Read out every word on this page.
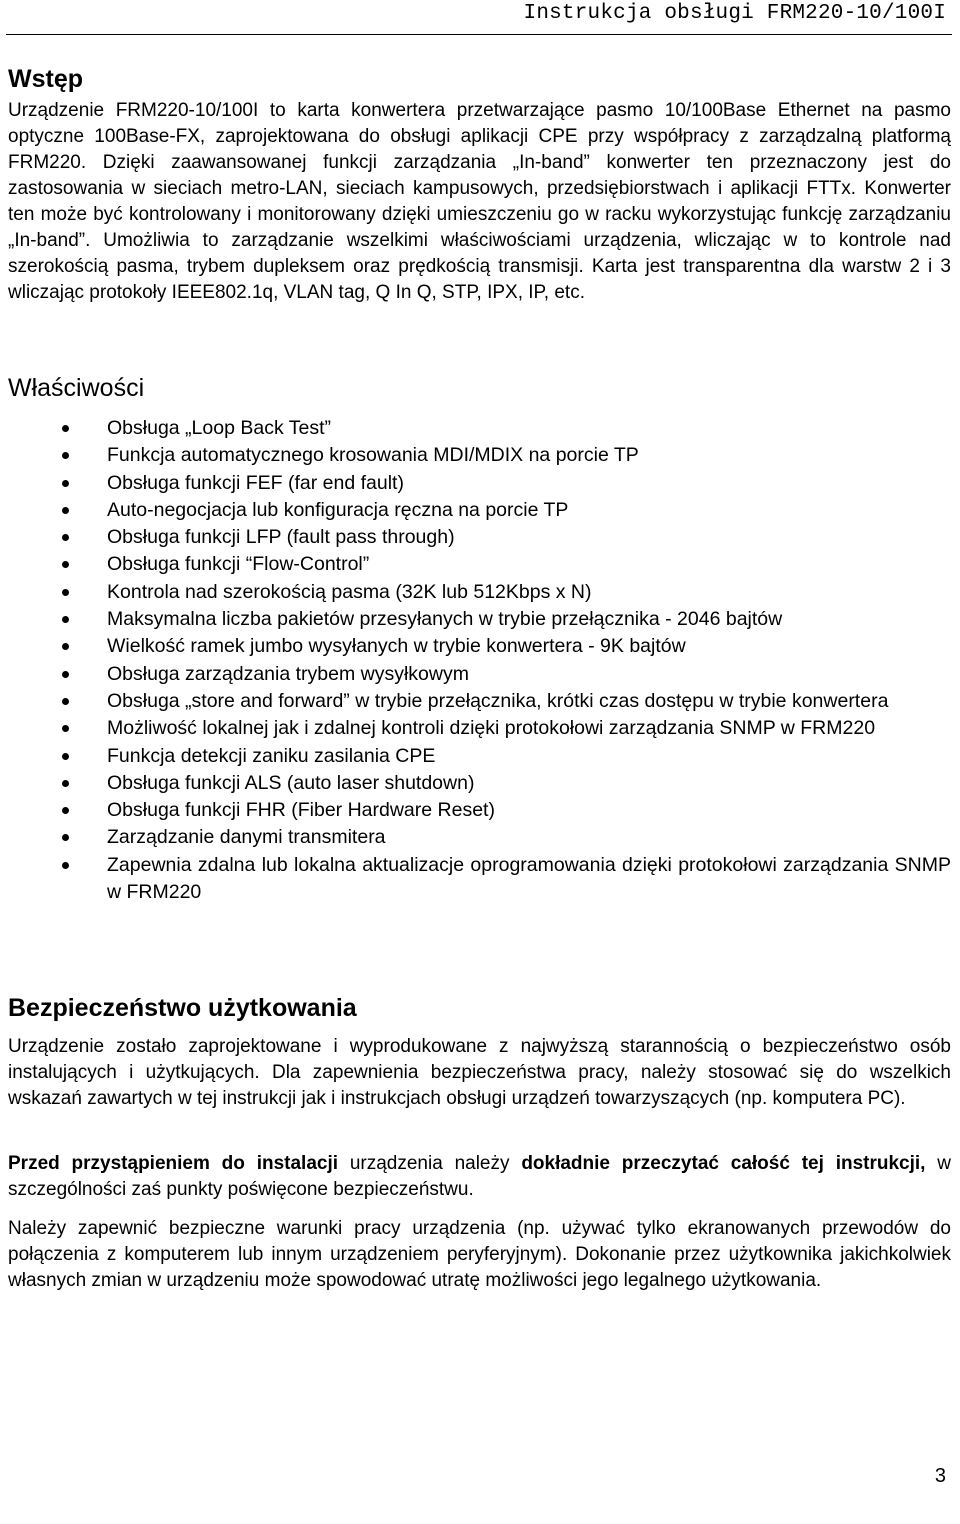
Instrukcja obsługi FRM220-10/100I
Wstęp

Urządzenie FRM220-10/100I to karta konwertera przetwarzające pasmo 10/100Base Ethernet na pasmo optyczne 100Base-FX, zaprojektowana do obsługi aplikacji CPE przy współpracy z zarządzalną platformą FRM220. Dzięki zaawansowanej funkcji zarządzania „In-band” konwerter ten przeznaczony jest do zastosowania w sieciach metro-LAN, sieciach kampusowych, przedsiębiorstwach i aplikacji FTTx. Konwerter ten może być kontrolowany i monitorowany dzięki umieszczeniu go w racku wykorzystując funkcję zarządzaniu „In-band”. Umożliwia to zarządzanie wszelkimi właściwościami urządzenia, wliczając w to kontrole nad szerokością pasma, trybem dupleksem oraz prędkością transmisji. Karta jest transparentna dla warstw 2 i 3 wliczając protokoły IEEE802.1q, VLAN tag, Q In Q, STP, IPX, IP, etc.

Właściwości
Obsługa „Loop Back Test”
Funkcja automatycznego krosowania MDI/MDIX na porcie TP
Obsługa funkcji FEF (far end fault)
Auto-negocjacja lub konfiguracja ręczna na porcie TP
Obsługa funkcji LFP (fault pass through)
Obsługa funkcji “Flow-Control”
Kontrola nad szerokością pasma (32K lub 512Kbps x N)
Maksymalna liczba pakietów przesyłanych w trybie przełącznika - 2046 bajtów
Wielkość ramek jumbo wysyłanych w trybie konwertera - 9K bajtów
Obsługa zarządzania trybem wysyłkowym
Obsługa „store and forward” w trybie przełącznika, krótki czas dostępu w trybie konwertera
Możliwość lokalnej jak i zdalnej kontroli dzięki protokołowi zarządzania SNMP w FRM220
Funkcja detekcji zaniku zasilania CPE
Obsługa funkcji ALS (auto laser shutdown)
Obsługa funkcji FHR (Fiber Hardware Reset)
Zarządzanie danymi transmitera
Zapewnia zdalna lub lokalna aktualizacje oprogramowania dzięki protokołowi zarządzania SNMP w FRM220
Bezpieczeństwo użytkowania

Urządzenie zostało zaprojektowane i wyprodukowane z najwyższą starannością o bezpieczeństwo osób instalujących i użytkujących. Dla zapewnienia bezpieczeństwa pracy, należy stosować się do wszelkich wskazań zawartych w tej instrukcji jak i instrukcjach obsługi urządzeń towarzyszących (np. komputera PC).

Przed przystąpieniem do instalacji urządzenia należy dokładnie przeczytać całość tej instrukcji, w szczególności zaś punkty poświęcone bezpieczeństwu.

Należy zapewnić bezpieczne warunki pracy urządzenia (np. używać tylko ekranowanych przewodów do połączenia z komputerem lub innym urządzeniem peryferyjnym). Dokonanie przez użytkownika jakichkolwiek własnych zmian w urządzeniu może spowodować utratę możliwości jego legalnego użytkowania.

3
